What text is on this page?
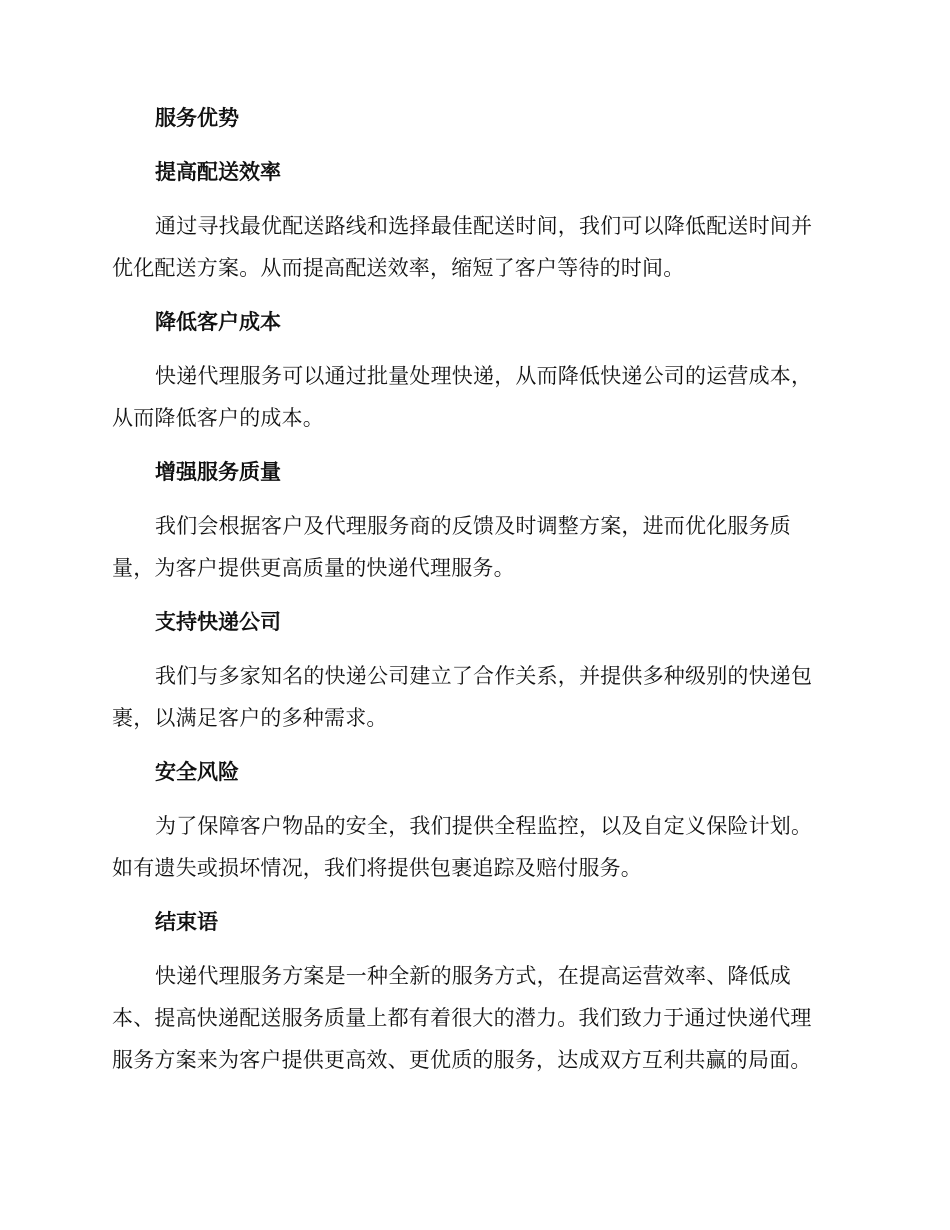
服务优势
提高配送效率
通过寻找最优配送路线和选择最佳配送时间，我们可以降低配送时间并
优化配送方案。从而提高配送效率，缩短了客户等待的时间。
降低客户成本
快递代理服务可以通过批量处理快递，从而降低快递公司的运营成本，
从而降低客户的成本。
增强服务质量
我们会根据客户及代理服务商的反馈及时调整方案，进而优化服务质
量，为客户提供更高质量的快递代理服务。
支持快递公司
我们与多家知名的快递公司建立了合作关系，并提供多种级别的快递包
裹，以满足客户的多种需求。
安全风险
为了保障客户物品的安全，我们提供全程监控，以及自定义保险计划。
如有遗失或损坏情况，我们将提供包裹追踪及赔付服务。
结束语
快递代理服务方案是一种全新的服务方式，在提高运营效率、降低成
本、提高快递配送服务质量上都有着很大的潜力。我们致力于通过快递代理
服务方案来为客户提供更高效、更优质的服务，达成双方互利共赢的局面。
